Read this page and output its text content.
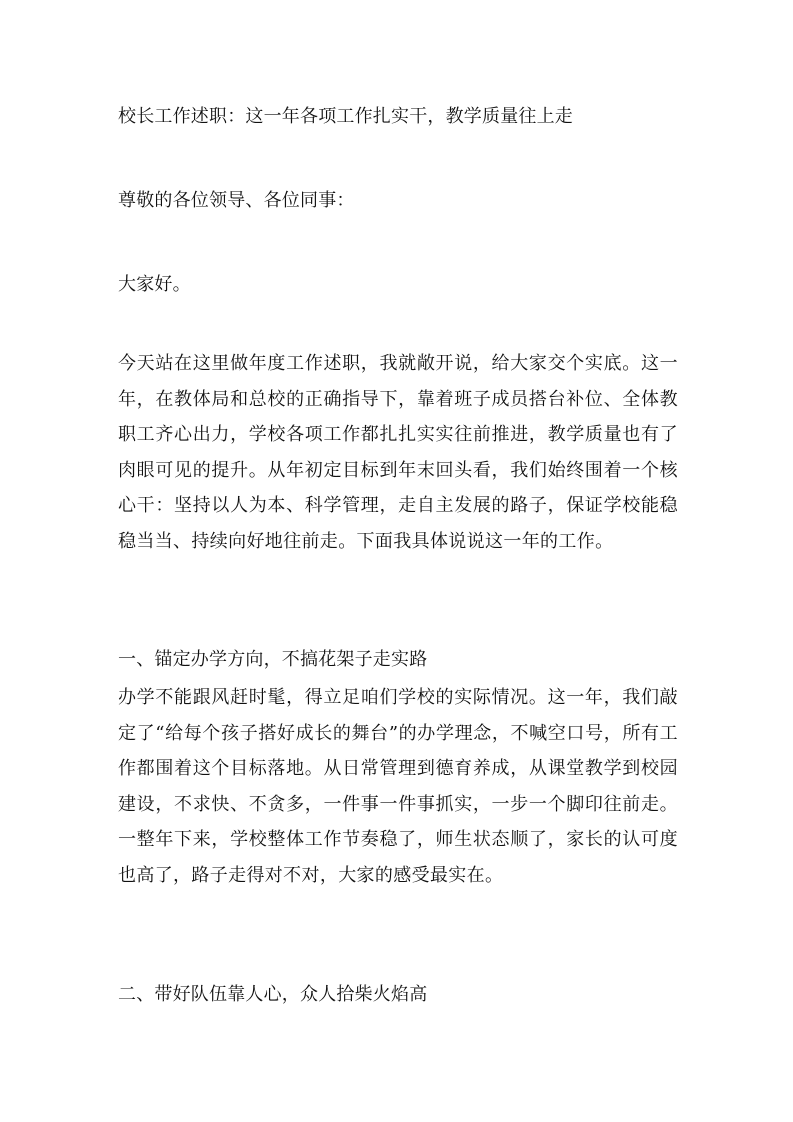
校长工作述职：这一年各项工作扎实干，教学质量往上走
尊敬的各位领导、各位同事：
大家好。
今天站在这里做年度工作述职，我就敞开说，给大家交个实底。这一年，在教体局和总校的正确指导下，靠着班子成员搭台补位、全体教职工齐心出力，学校各项工作都扎扎实实往前推进，教学质量也有了肉眼可见的提升。从年初定目标到年末回头看，我们始终围着一个核心干：坚持以人为本、科学管理，走自主发展的路子，保证学校能稳稳当当、持续向好地往前走。下面我具体说说这一年的工作。
一、锚定办学方向，不搞花架子走实路
办学不能跟风赶时髦，得立足咱们学校的实际情况。这一年，我们敲定了“给每个孩子搭好成长的舞台”的办学理念，不喊空口号，所有工作都围着这个目标落地。从日常管理到德育养成，从课堂教学到校园建设，不求快、不贪多，一件事一件事抓实，一步一个脚印往前走。一整年下来，学校整体工作节奏稳了，师生状态顺了，家长的认可度也高了，路子走得对不对，大家的感受最实在。
二、带好队伍靠人心，众人拾柴火焰高
